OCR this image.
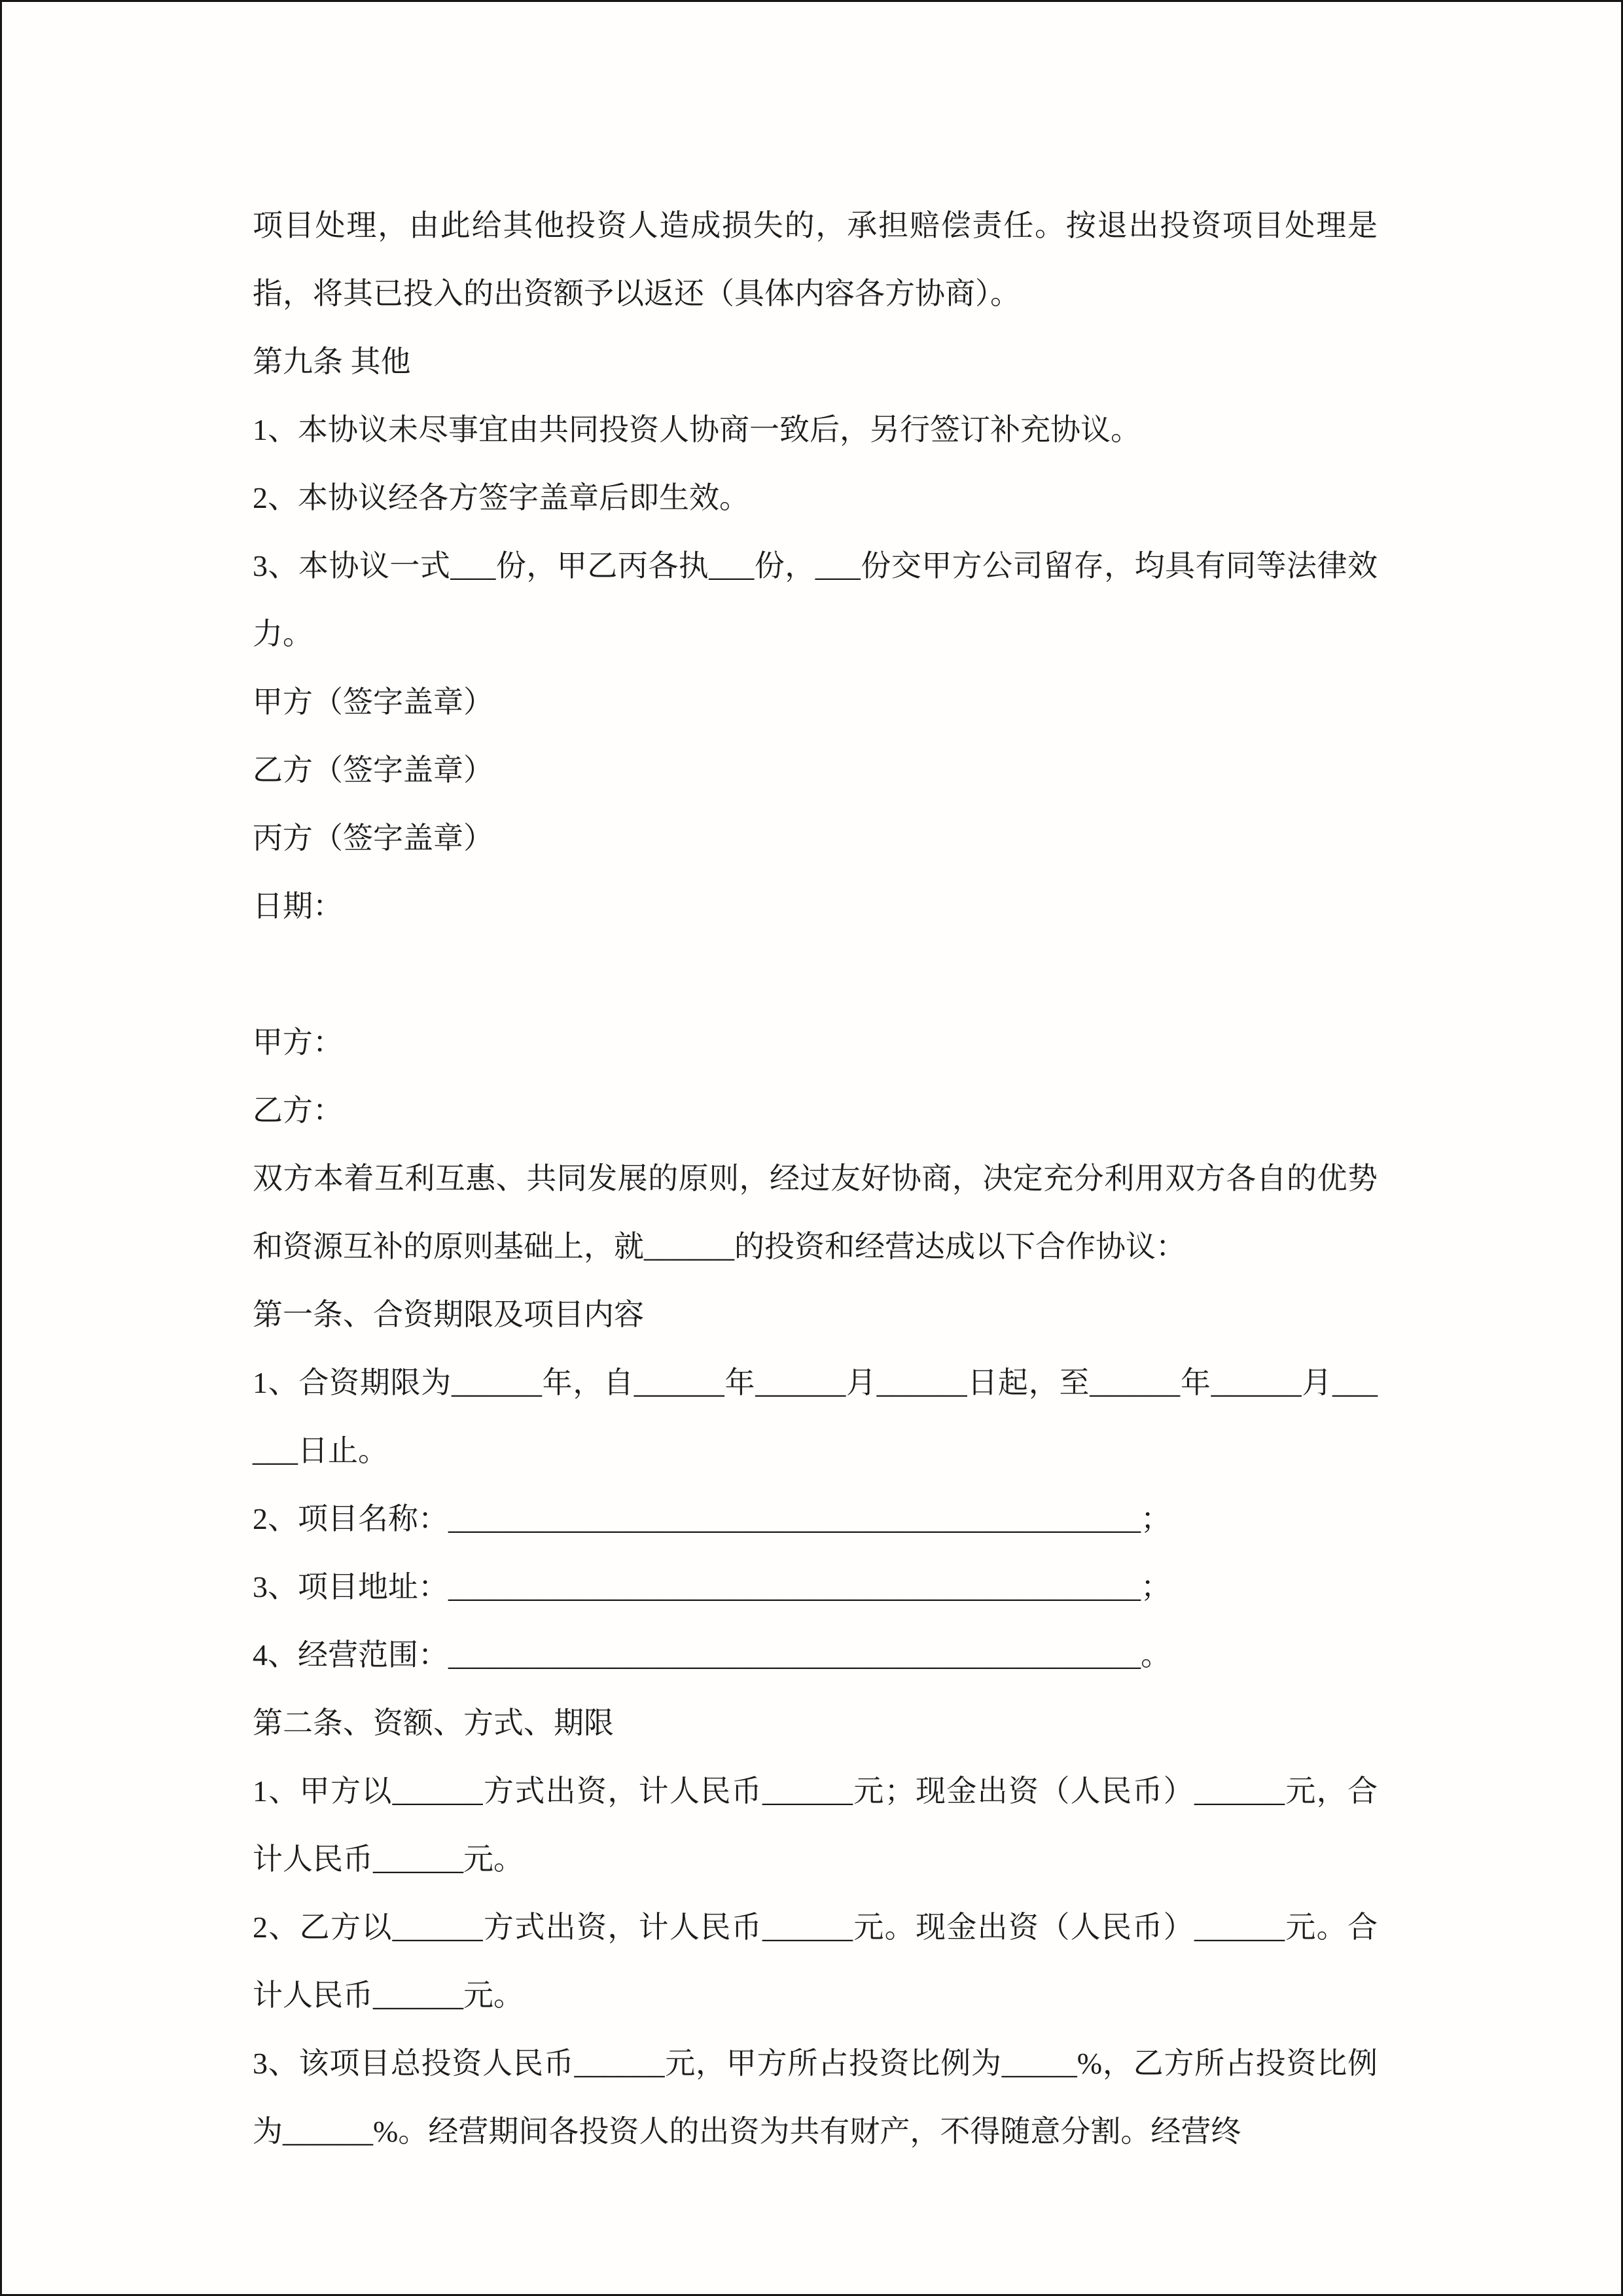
项目处理，由此给其他投资人造成损失的，承担赔偿责任。按退出投资项目处理是指，将其已投入的出资额予以返还（具体内容各方协商）。

第九条 其他

1、本协议未尽事宜由共同投资人协商一致后，另行签订补充协议。

2、本协议经各方签字盖章后即生效。

3、本协议一式___份，甲乙丙各执___份，___份交甲方公司留存，均具有同等法律效力。

甲方（签字盖章）

乙方（签字盖章）

丙方（签字盖章）

日期：

甲方：

乙方：

双方本着互利互惠、共同发展的原则，经过友好协商，决定充分利用双方各自的优势和资源互补的原则基础上，就______的投资和经营达成以下合作协议：

第一条、合资期限及项目内容

1、合资期限为______年，自______年______月______日起，至______年______月______日止。

2、项目名称：______________________________________________；

3、项目地址：______________________________________________；

4、经营范围：______________________________________________。

第二条、资额、方式、期限

1、甲方以______方式出资，计人民币______元；现金出资（人民币）______元，合计人民币______元。

2、乙方以______方式出资，计人民币______元。现金出资（人民币）______元。合计人民币______元。

3、该项目总投资人民币______元，甲方所占投资比例为_____%，乙方所占投资比例为______%。经营期间各投资人的出资为共有财产，不得随意分割。经营终
